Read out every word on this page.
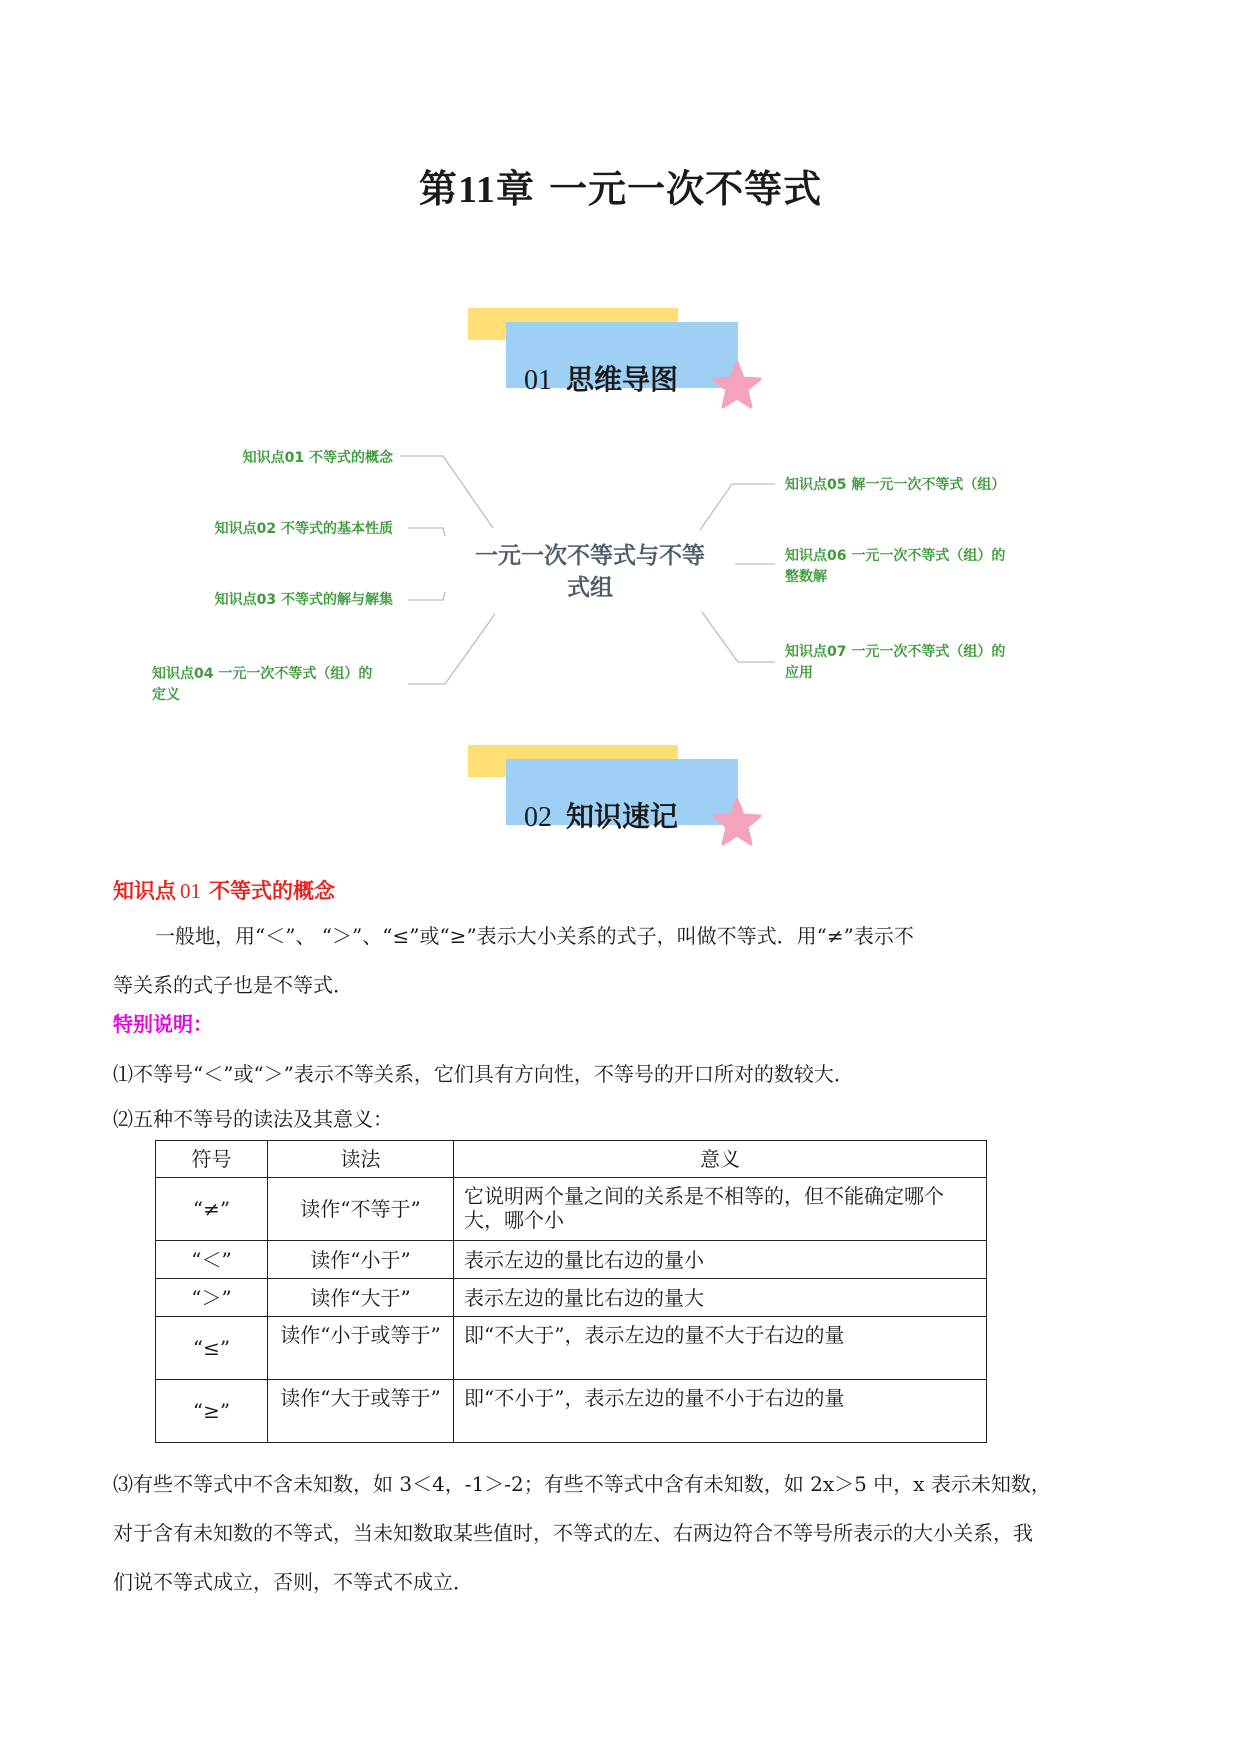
第11章 一元一次不等式
01 思维导图
知识点01 不等式的概念
知识点02 不等式的基本性质
知识点03 不等式的解与解集
知识点04 一元一次不等式（组）的
定义
一元一次不等式与不等
式组
知识点05 解一元一次不等式（组）
知识点06 一元一次不等式（组）的
整数解
知识点07 一元一次不等式（组）的
应用
02 知识速记
知识点 01 不等式的概念
一般地，用“＜”、 “＞”、“≤”或“≥”表示大小关系的式子，叫做不等式．用“≠”表示不
等关系的式子也是不等式．
特别说明：
⑴不等号“＜”或“＞”表示不等关系，它们具有方向性，不等号的开口所对的数较大．
⑵五种不等号的读法及其意义：
符号	读法	意义
“≠”	读作“不等于”	它说明两个量之间的关系是不相等的，但不能确定哪个大，哪个小
“＜”	读作“小于”	表示左边的量比右边的量小
“＞”	读作“大于”	表示左边的量比右边的量大
“≤”	读作“小于或等于”	即“不大于”，表示左边的量不大于右边的量
“≥”	读作“大于或等于”	即“不小于”，表示左边的量不小于右边的量
⑶有些不等式中不含未知数，如 3＜4，-1＞-2；有些不等式中含有未知数，如 2x＞5 中，x 表示未知数，
对于含有未知数的不等式，当未知数取某些值时，不等式的左、右两边符合不等号所表示的大小关系，我
们说不等式成立，否则，不等式不成立．
